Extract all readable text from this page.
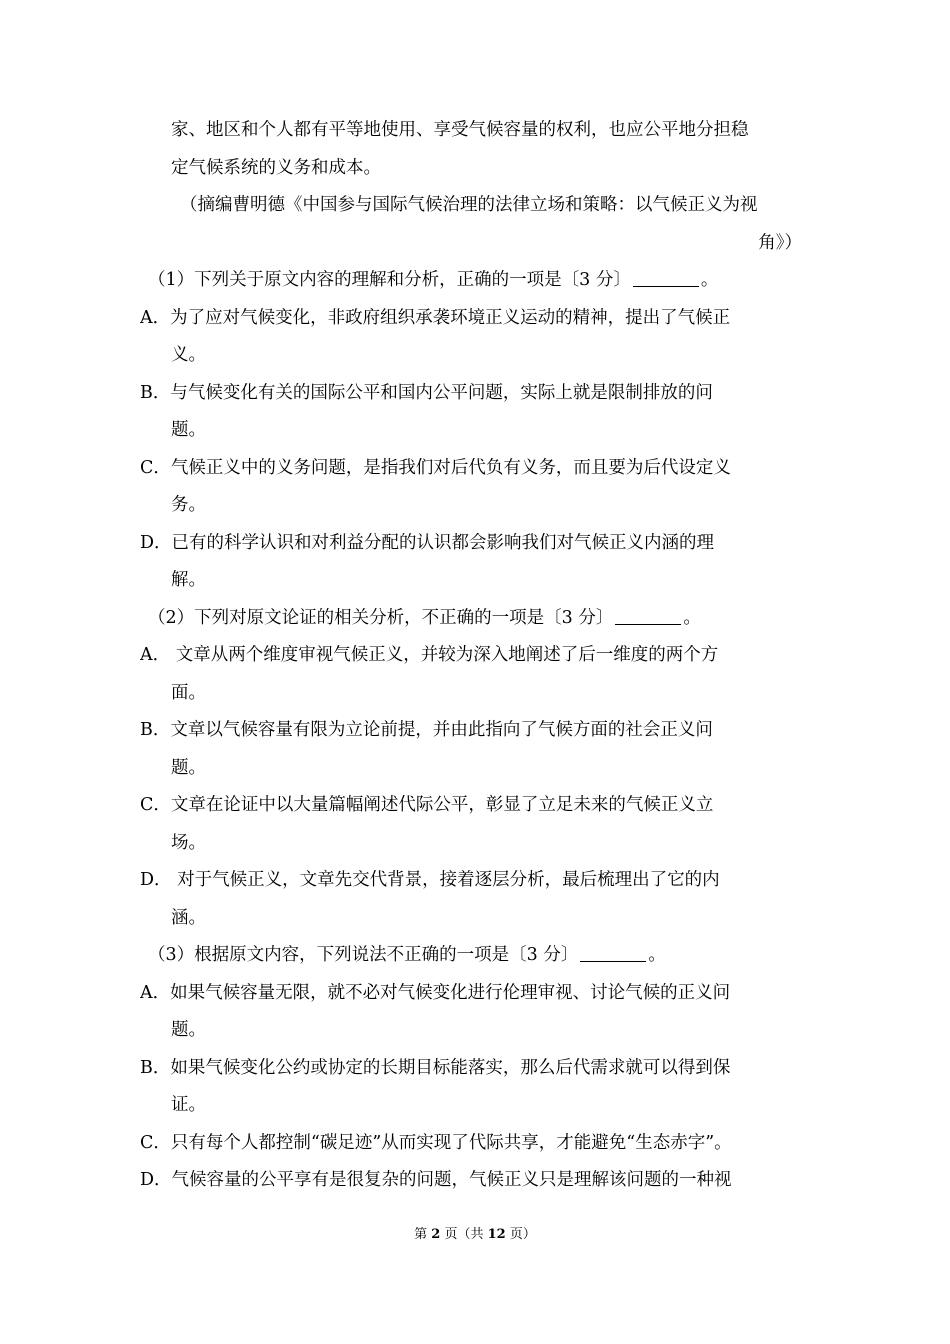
家、地区和个人都有平等地使用、享受气候容量的权利，也应公平地分担稳
定气候系统的义务和成本。
（摘编曹明德《中国参与国际气候治理的法律立场和策略：以气候正义为视
角》）
（1）下列关于原文内容的理解和分析，正确的一项是〔3 分〕	。
A．为了应对气候变化，非政府组织承袭环境正义运动的精神，提出了气候正
义。
B．与气候变化有关的国际公平和国内公平问题，实际上就是限制排放的问
题。
C．气候正义中的义务问题，是指我们对后代负有义务，而且要为后代设定义
务。
D．已有的科学认识和对利益分配的认识都会影响我们对气候正义内涵的理
解。
（2）下列对原文论证的相关分析，不正确的一项是〔3 分〕	。
A． 文章从两个维度审视气候正义，并较为深入地阐述了后一维度的两个方
面。
B．文章以气候容量有限为立论前提，并由此指向了气候方面的社会正义问
题。
C．文章在论证中以大量篇幅阐述代际公平，彰显了立足未来的气候正义立
场。
D． 对于气候正义，文章先交代背景，接着逐层分析，最后梳理出了它的内
涵。
（3）根据原文内容，下列说法不正确的一项是〔3 分〕	。
A．如果气候容量无限，就不必对气候变化进行伦理审视、讨论气候的正义问
题。
B．如果气候变化公约或协定的长期目标能落实，那么后代需求就可以得到保
证。
C．只有每个人都控制“碳足迹”从而实现了代际共享，才能避免“生态赤字”。
D．气候容量的公平享有是很复杂的问题，气候正义只是理解该问题的一种视
第 2 页（共 12 页）
